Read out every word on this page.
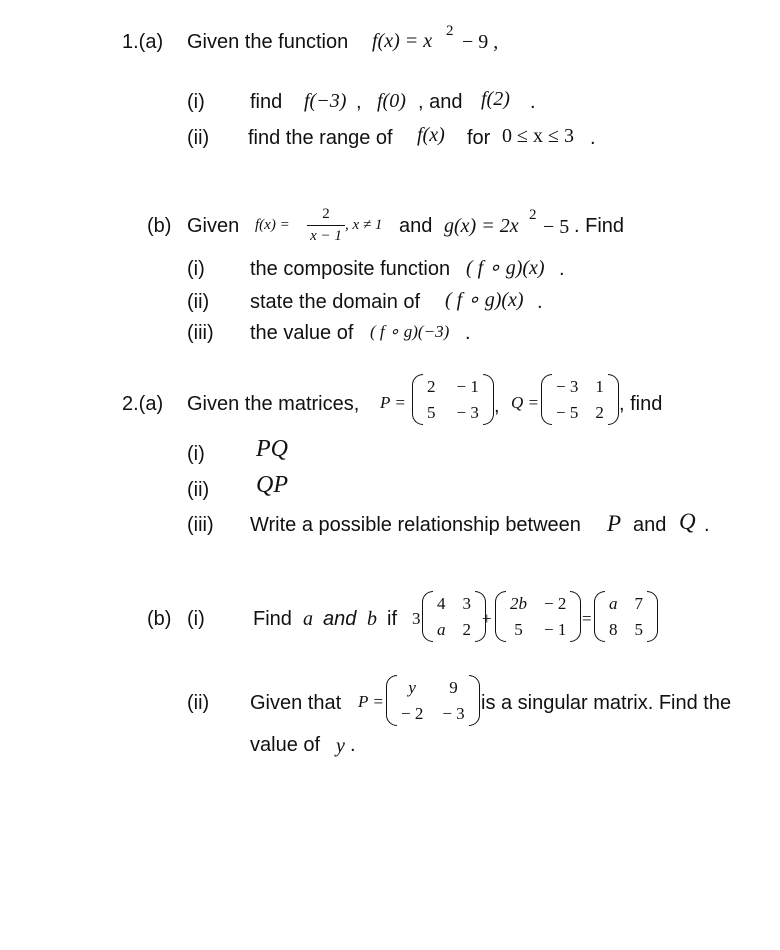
1.(a) Given the function f(x) = x 2 − 9 ,
(i) find f(−3) , f(0) , and f(2) .
(ii) find the range of f(x) for 0 ≤ x ≤ 3 .
(b) Given f(x) =
2
x − 1
, x ≠ 1 and g(x) = 2x 2
− 5 . Find
(i) the composite function ( f ∘ g)(x) .
(ii) state the domain of ( f ∘ g)(x) .
(iii) the value of ( f ∘ g)(−3) .
2.(a) Given the matrices, P =
2	− 1
5	− 3 , Q =
− 3	1
− 5	2 , find
(i) PQ
(ii) QP
(iii) Write a possible relationship between P and Q .
(b) (i) Find a and b if 3
4	3
a	2
+
2b	− 2
5	− 1
=
a	7
8	5
(ii) Given that P =
y	9
− 2	− 3 is a singular matrix. Find the
value of y .
